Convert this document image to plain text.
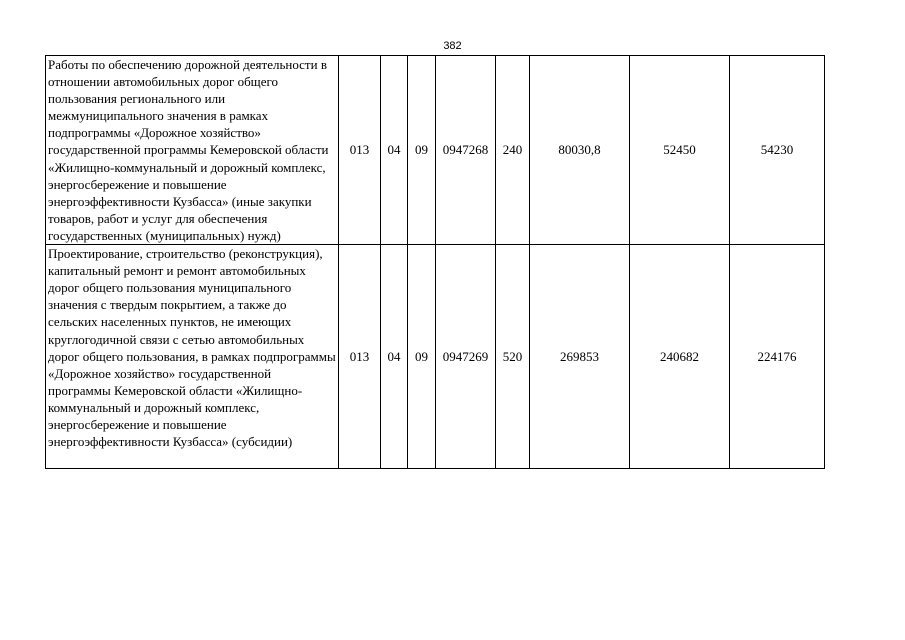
382
Работы по обеспечению дорожной деятельности в отношении автомобильных дорог общего пользования регионального или межмуниципального значения в рамках подпрограммы «Дорожное хозяйство» государственной программы Кемеровской области «Жилищно-коммунальный и дорожный комплекс, энергосбережение и повышение энергоэффективности Кузбасса» (иные закупки товаров, работ и услуг для обеспечения государственных (муниципальных) нужд)	013	04	09	0947268	240	80030,8	52450	54230
Проектирование, строительство (реконструкция), капитальный ремонт и ремонт автомобильных дорог общего пользования муниципального значения с твердым покрытием, а также до сельских населенных пунктов, не имеющих круглогодичной связи с сетью автомобильных дорог общего пользования, в рамках подпрограммы «Дорожное хозяйство» государственной программы Кемеровской области «Жилищно-коммунальный и дорожный комплекс, энергосбережение и повышение энергоэффективности Кузбасса» (субсидии)	013	04	09	0947269	520	269853	240682	224176
